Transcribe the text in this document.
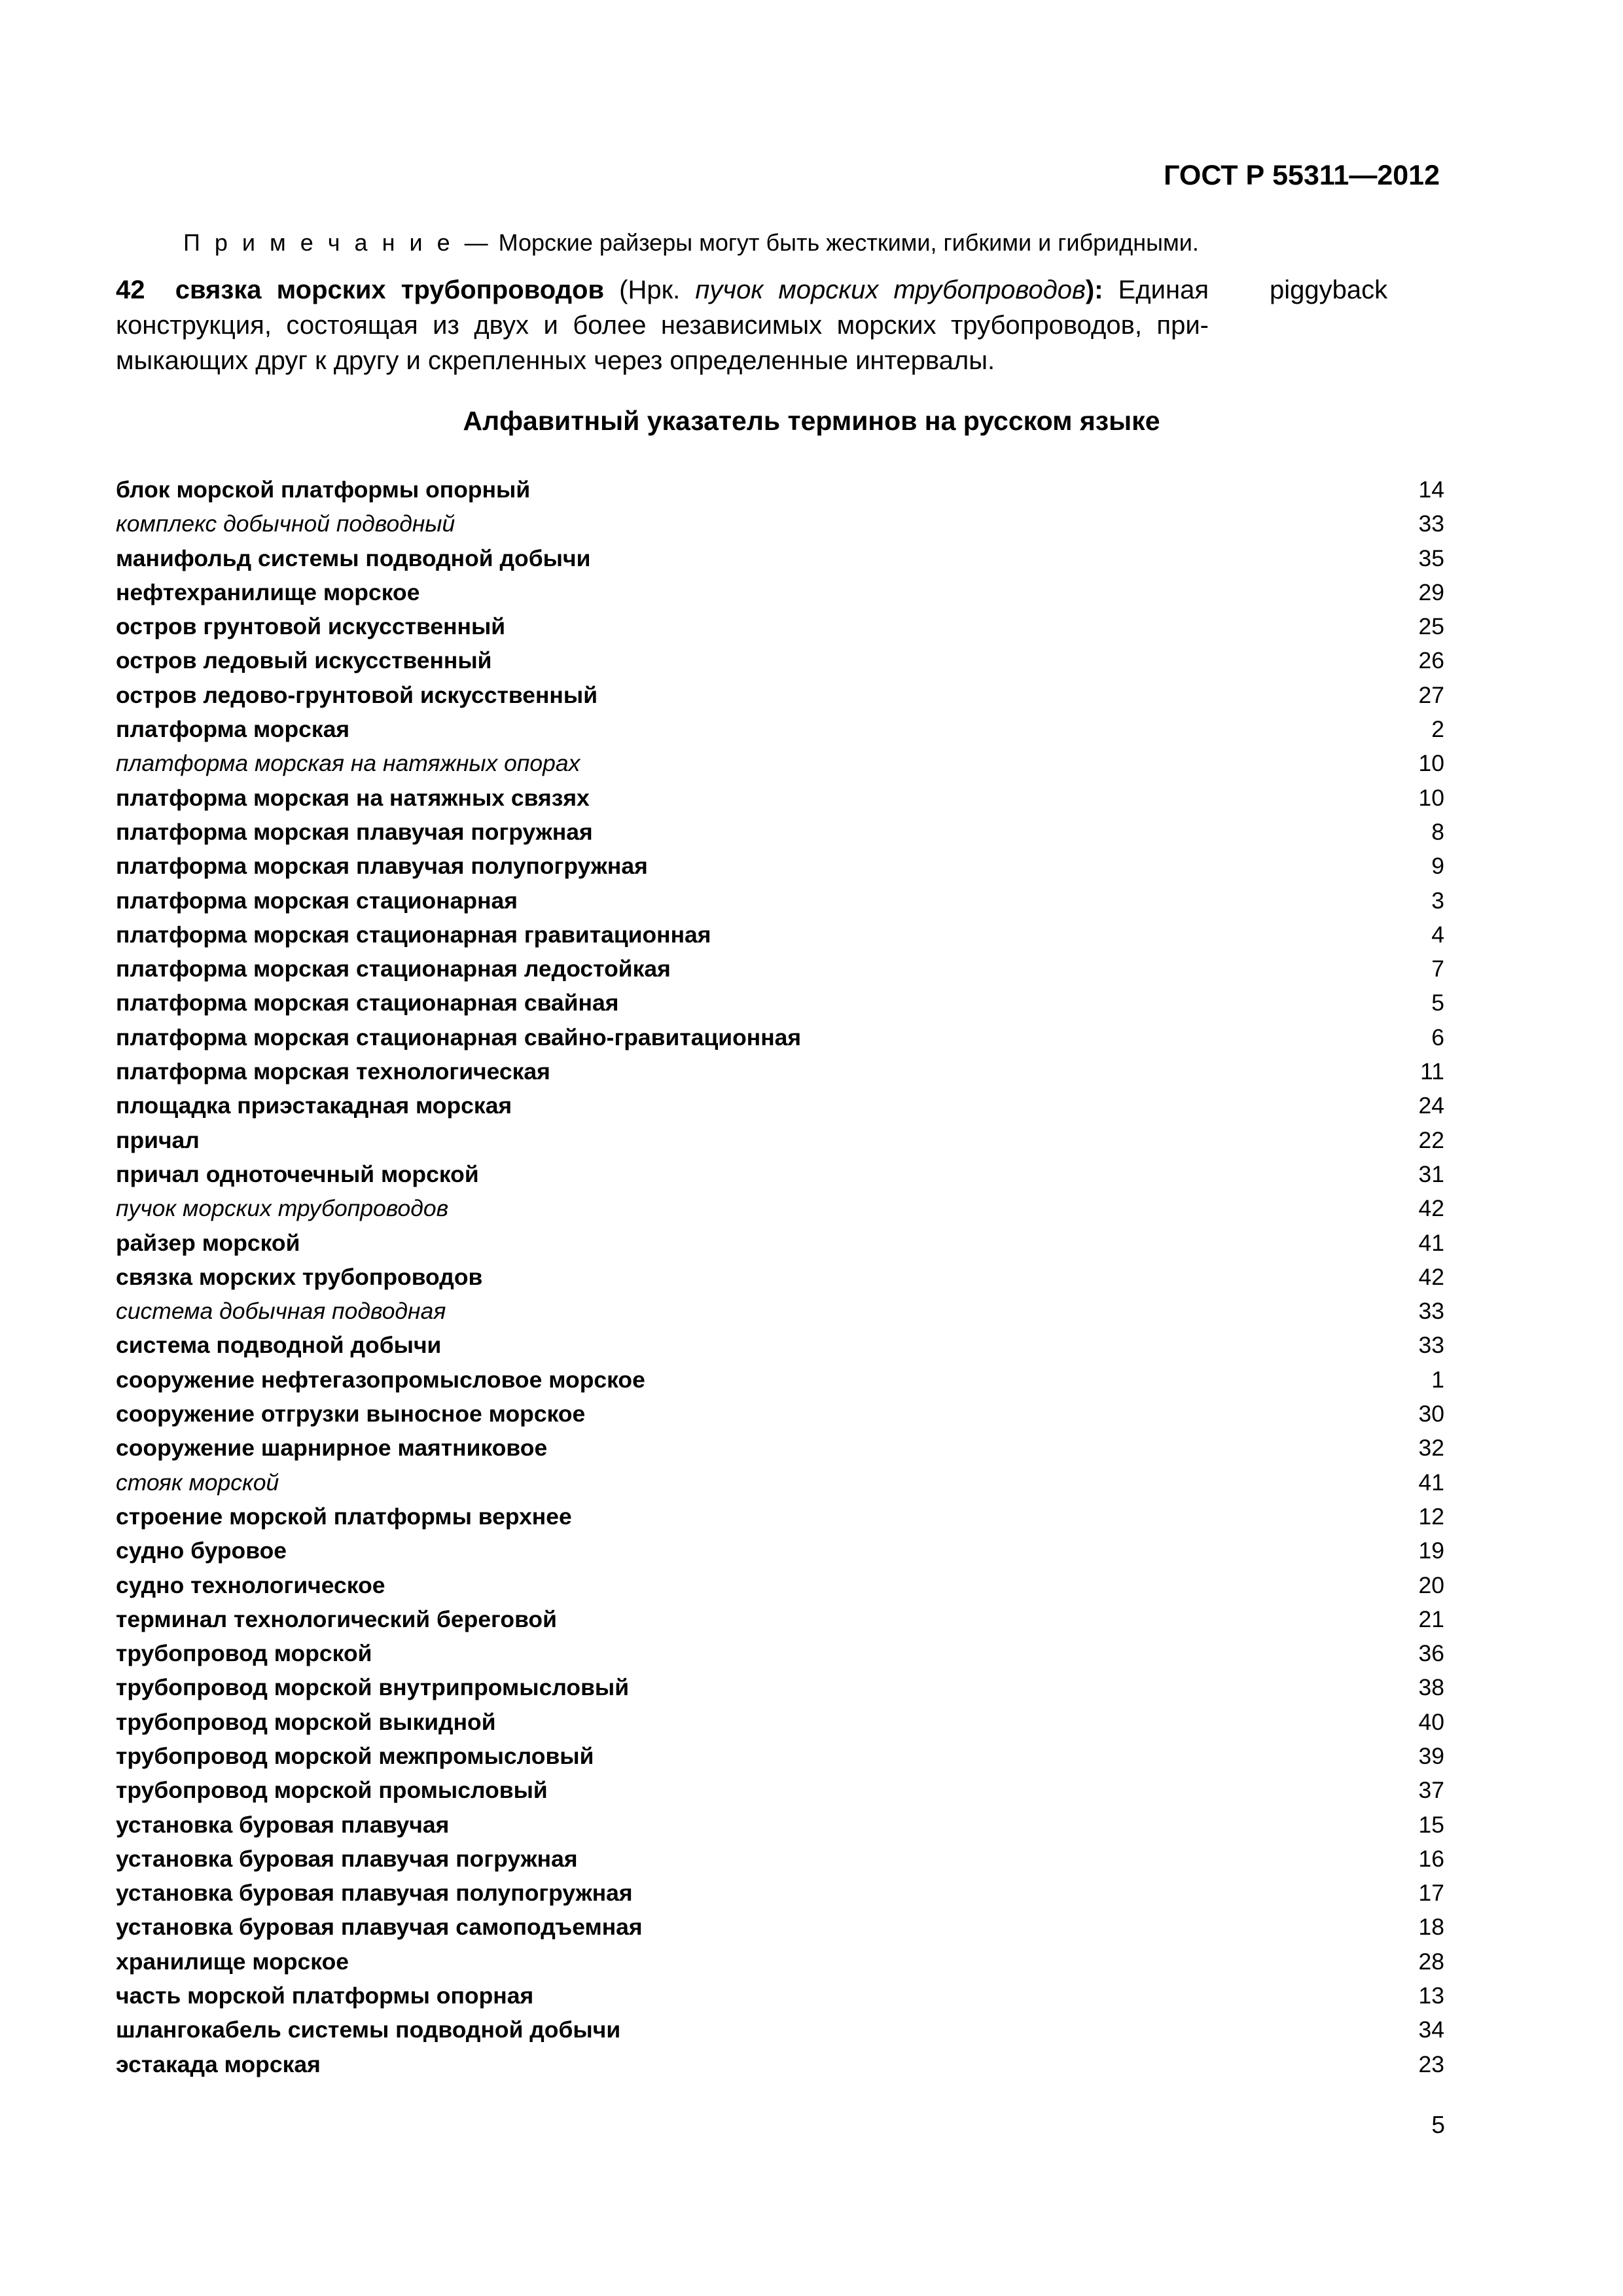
ГОСТ Р 55311—2012
П р и м е ч а н и е — Морские райзеры могут быть жесткими, гибкими и гибридными.
42 связка морских трубопроводов (Нрк. пучок морских трубопроводов): Единая конструкция, состоящая из двух и более независимых морских трубопроводов, примыкающих друг к другу и скрепленных через определенные интервалы.
piggyback
Алфавитный указатель терминов на русском языке
блок морской платформы опорный	14
комплекс добычной подводный	33
манифольд системы подводной добычи	35
нефтехранилище морское	29
остров грунтовой искусственный	25
остров ледовый искусственный	26
остров ледово-грунтовой искусственный	27
платформа морская	2
платформа морская на натяжных опорах	10
платформа морская на натяжных связях	10
платформа морская плавучая погружная	8
платформа морская плавучая полупогружная	9
платформа морская стационарная	3
платформа морская стационарная гравитационная	4
платформа морская стационарная ледостойкая	7
платформа морская стационарная свайная	5
платформа морская стационарная свайно-гравитационная	6
платформа морская технологическая	11
площадка приэстакадная морская	24
причал	22
причал одноточечный морской	31
пучок морских трубопроводов	42
райзер морской	41
связка морских трубопроводов	42
система добычная подводная	33
система подводной добычи	33
сооружение нефтегазопромысловое морское	1
сооружение отгрузки выносное морское	30
сооружение шарнирное маятниковое	32
стояк морской	41
строение морской платформы верхнее	12
судно буровое	19
судно технологическое	20
терминал технологический береговой	21
трубопровод морской	36
трубопровод морской внутрипромысловый	38
трубопровод морской выкидной	40
трубопровод морской межпромысловый	39
трубопровод морской промысловый	37
установка буровая плавучая	15
установка буровая плавучая погружная	16
установка буровая плавучая полупогружная	17
установка буровая плавучая самоподъемная	18
хранилище морское	28
часть морской платформы опорная	13
шлангокабель системы подводной добычи	34
эстакада морская	23
5
